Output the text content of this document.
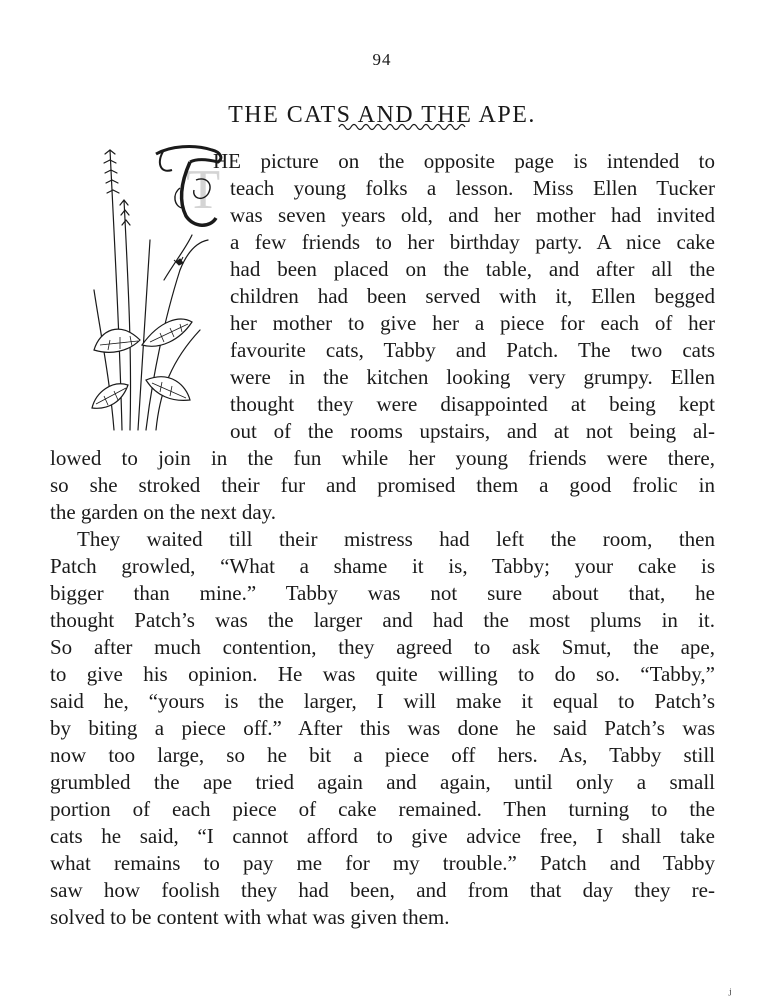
94
THE CATS AND THE APE.
T
HE picture on the opposite page is intended to
teach young folks a lesson. Miss Ellen Tucker
was seven years old, and her mother had invited
a few friends to her birthday party. A nice cake
had been placed on the table, and after all the
children had been served with it, Ellen begged
her mother to give her a piece for each of her
favourite cats, Tabby and Patch. The two cats
were in the kitchen looking very grumpy. Ellen
thought they were disappointed at being kept
out of the rooms upstairs, and at not being al-
lowed to join in the fun while her young friends were there,
so she stroked their fur and promised them a good frolic in
the garden on the next day.
They waited till their mistress had left the room, then
Patch growled, “What a shame it is, Tabby; your cake is
bigger than mine.” Tabby was not sure about that, he
thought Patch’s was the larger and had the most plums in it.
So after much contention, they agreed to ask Smut, the ape,
to give his opinion. He was quite willing to do so. “Tabby,”
said he, “yours is the larger, I will make it equal to Patch’s
by biting a piece off.” After this was done he said Patch’s was
now too large, so he bit a piece off hers. As, Tabby still
grumbled the ape tried again and again, until only a small
portion of each piece of cake remained. Then turning to the
cats he said, “I cannot afford to give advice free, I shall take
what remains to pay me for my trouble.” Patch and Tabby
saw how foolish they had been, and from that day they re-
solved to be content with what was given them.
ⱼ
